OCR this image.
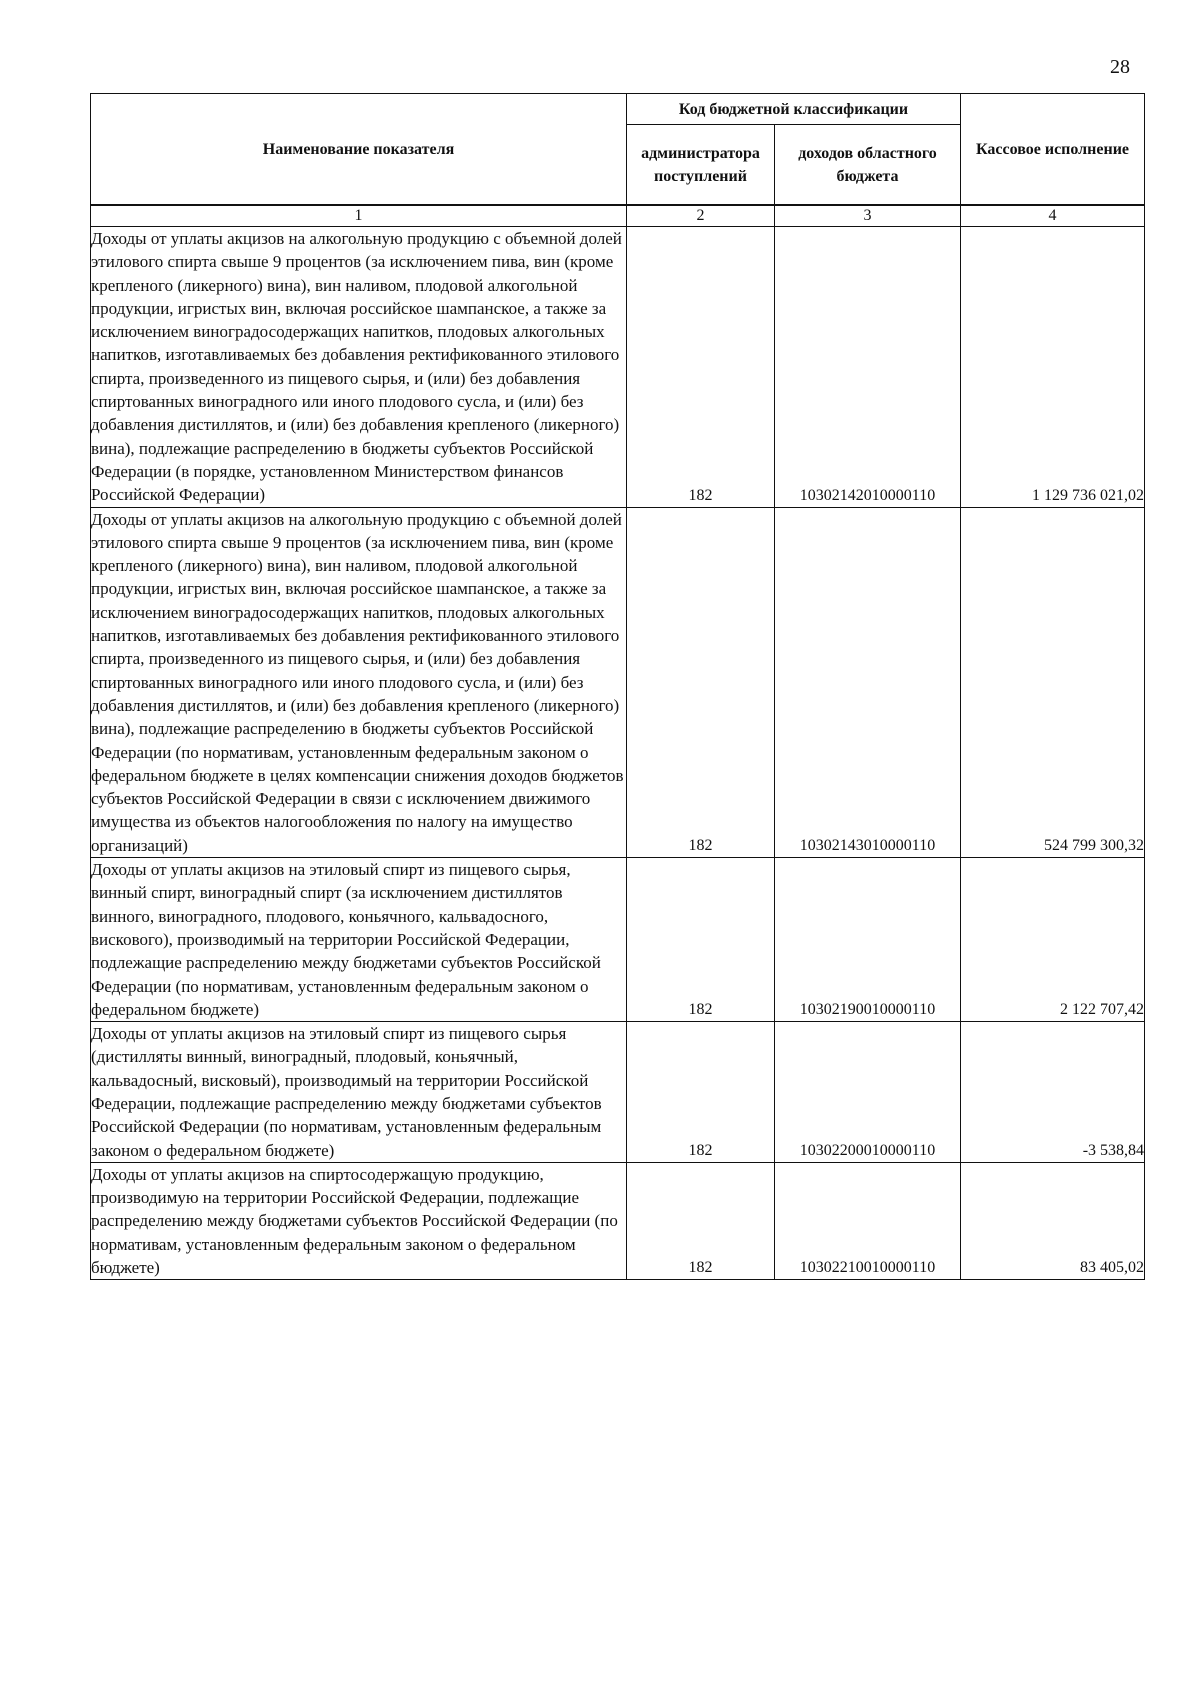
28
Наименование показателя	Код бюджетной классификации		Кассовое исполнение
	администратора поступлений	доходов областного бюджета	
1	2	3	4
Доходы от уплаты акцизов на алкогольную продукцию с объемной долей этилового спирта свыше 9 процентов (за исключением пива, вин (кроме крепленого (ликерного) вина), вин наливом, плодовой алкогольной продукции, игристых вин, включая российское шампанское, а также за исключением виноградосодержащих напитков, плодовых алкогольных напитков, изготавливаемых без добавления ректификованного этилового спирта, произведенного из пищевого сырья, и (или) без добавления спиртованных виноградного или иного плодового сусла, и (или) без добавления дистиллятов, и (или) без добавления крепленого (ликерного) вина), подлежащие распределению в бюджеты субъектов Российской Федерации (в порядке, установленном Министерством финансов Российской Федерации)	182	10302142010000110	1 129 736 021,02
Доходы от уплаты акцизов на алкогольную продукцию с объемной долей этилового спирта свыше 9 процентов (за исключением пива, вин (кроме крепленого (ликерного) вина), вин наливом, плодовой алкогольной продукции, игристых вин, включая российское шампанское, а также за исключением виноградосодержащих напитков, плодовых алкогольных напитков, изготавливаемых без добавления ректификованного этилового спирта, произведенного из пищевого сырья, и (или) без добавления спиртованных виноградного или иного плодового сусла, и (или) без добавления дистиллятов, и (или) без добавления крепленого (ликерного) вина), подлежащие распределению в бюджеты субъектов Российской Федерации (по нормативам, установленным федеральным законом о федеральном бюджете в целях компенсации снижения доходов бюджетов субъектов Российской Федерации в связи с исключением движимого имущества из объектов налогообложения по налогу на имущество организаций)	182	10302143010000110	524 799 300,32
Доходы от уплаты акцизов на этиловый спирт из пищевого сырья, винный спирт, виноградный спирт (за исключением дистиллятов винного, виноградного, плодового, коньячного, кальвадосного, вискового), производимый на территории Российской Федерации, подлежащие распределению между бюджетами субъектов Российской Федерации (по нормативам, установленным федеральным законом о федеральном бюджете)	182	10302190010000110	2 122 707,42
Доходы от уплаты акцизов на этиловый спирт из пищевого сырья (дистилляты винный, виноградный, плодовый, коньячный, кальвадосный, висковый), производимый на территории Российской Федерации, подлежащие распределению между бюджетами субъектов Российской Федерации (по нормативам, установленным федеральным законом о федеральном бюджете)	182	10302200010000110	-3 538,84
Доходы от уплаты акцизов на спиртосодержащую продукцию, производимую на территории Российской Федерации, подлежащие распределению между бюджетами субъектов Российской Федерации (по нормативам, установленным федеральным законом о федеральном бюджете)	182	10302210010000110	83 405,02
